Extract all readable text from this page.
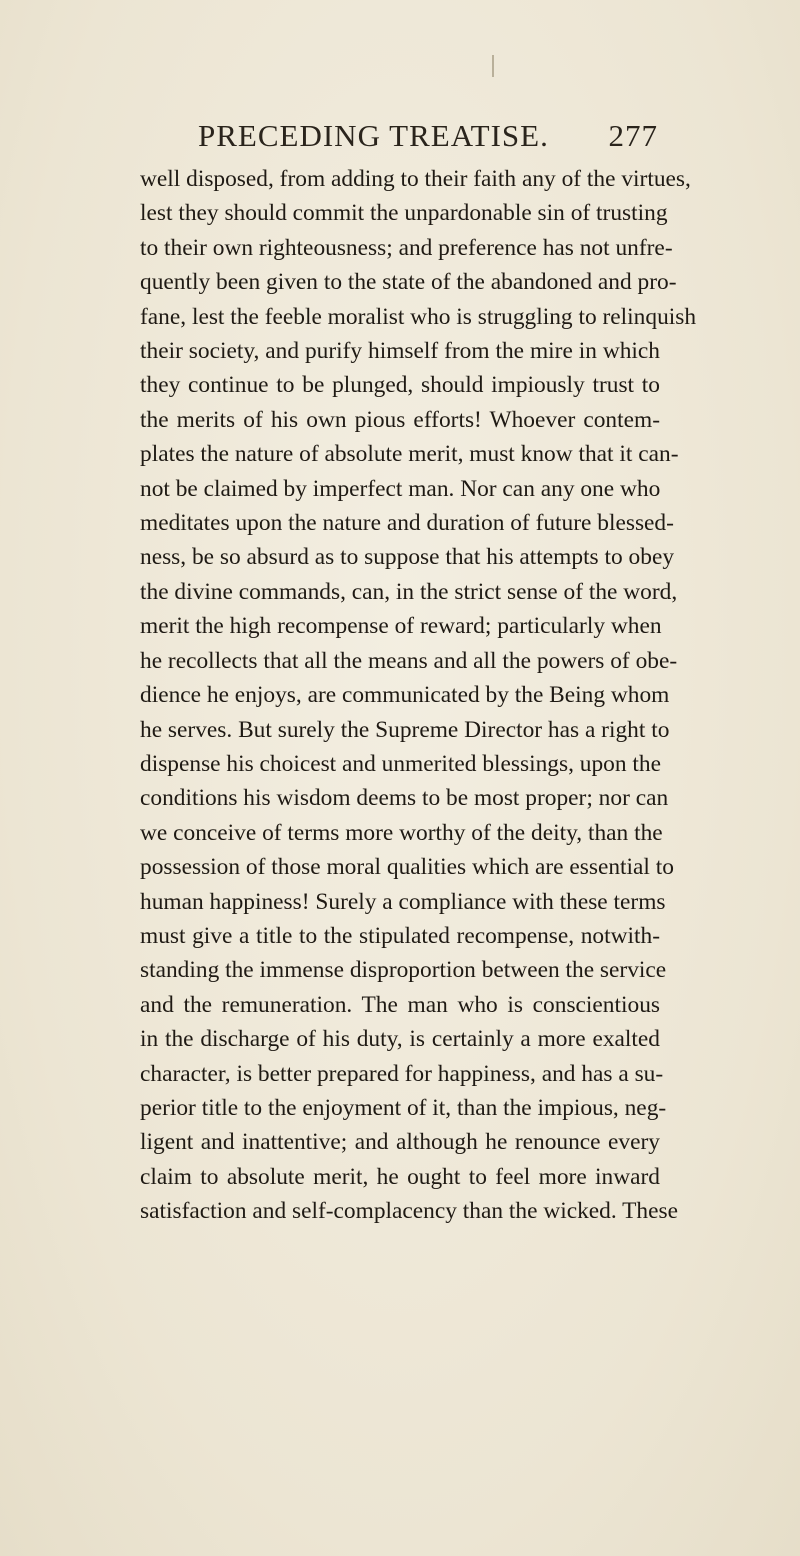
PRECEDING TREATISE. 277
well disposed, from adding to their faith any of the virtues,
lest they should commit the unpardonable sin of trusting
to their own righteousness; and preference has not unfre-
quently been given to the state of the abandoned and pro-
fane, lest the feeble moralist who is struggling to relinquish
their society, and purify himself from the mire in which
they continue to be plunged, should impiously trust to
the merits of his own pious efforts! Whoever contem-
plates the nature of absolute merit, must know that it can-
not be claimed by imperfect man. Nor can any one who
meditates upon the nature and duration of future blessed-
ness, be so absurd as to suppose that his attempts to obey
the divine commands, can, in the strict sense of the word,
merit the high recompense of reward; particularly when
he recollects that all the means and all the powers of obe-
dience he enjoys, are communicated by the Being whom
he serves. But surely the Supreme Director has a right to
dispense his choicest and unmerited blessings, upon the
conditions his wisdom deems to be most proper; nor can
we conceive of terms more worthy of the deity, than the
possession of those moral qualities which are essential to
human happiness! Surely a compliance with these terms
must give a title to the stipulated recompense, notwith-
standing the immense disproportion between the service
and the remuneration. The man who is conscientious
in the discharge of his duty, is certainly a more exalted
character, is better prepared for happiness, and has a su-
perior title to the enjoyment of it, than the impious, neg-
ligent and inattentive; and although he renounce every
claim to absolute merit, he ought to feel more inward
satisfaction and self-complacency than the wicked. These
